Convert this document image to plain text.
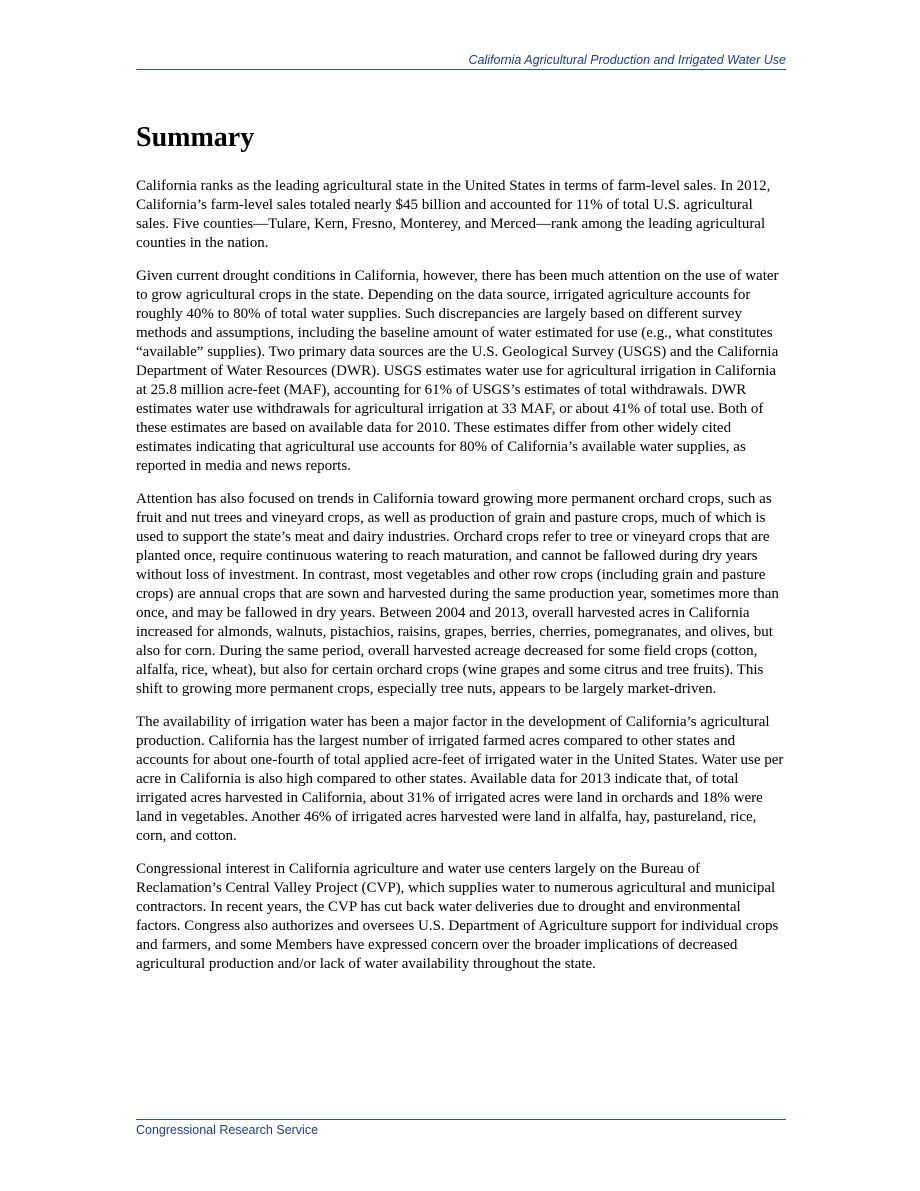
California Agricultural Production and Irrigated Water Use
Summary

California ranks as the leading agricultural state in the United States in terms of farm-level sales. In 2012, California’s farm-level sales totaled nearly $45 billion and accounted for 11% of total U.S. agricultural sales. Five counties—Tulare, Kern, Fresno, Monterey, and Merced—rank among the leading agricultural counties in the nation.

Given current drought conditions in California, however, there has been much attention on the use of water to grow agricultural crops in the state. Depending on the data source, irrigated agriculture accounts for roughly 40% to 80% of total water supplies. Such discrepancies are largely based on different survey methods and assumptions, including the baseline amount of water estimated for use (e.g., what constitutes “available” supplies). Two primary data sources are the U.S. Geological Survey (USGS) and the California Department of Water Resources (DWR). USGS estimates water use for agricultural irrigation in California at 25.8 million acre-feet (MAF), accounting for 61% of USGS’s estimates of total withdrawals. DWR estimates water use withdrawals for agricultural irrigation at 33 MAF, or about 41% of total use. Both of these estimates are based on available data for 2010. These estimates differ from other widely cited estimates indicating that agricultural use accounts for 80% of California’s available water supplies, as reported in media and news reports.

Attention has also focused on trends in California toward growing more permanent orchard crops, such as fruit and nut trees and vineyard crops, as well as production of grain and pasture crops, much of which is used to support the state’s meat and dairy industries. Orchard crops refer to tree or vineyard crops that are planted once, require continuous watering to reach maturation, and cannot be fallowed during dry years without loss of investment. In contrast, most vegetables and other row crops (including grain and pasture crops) are annual crops that are sown and harvested during the same production year, sometimes more than once, and may be fallowed in dry years. Between 2004 and 2013, overall harvested acres in California increased for almonds, walnuts, pistachios, raisins, grapes, berries, cherries, pomegranates, and olives, but also for corn. During the same period, overall harvested acreage decreased for some field crops (cotton, alfalfa, rice, wheat), but also for certain orchard crops (wine grapes and some citrus and tree fruits). This shift to growing more permanent crops, especially tree nuts, appears to be largely market-driven.

The availability of irrigation water has been a major factor in the development of California’s agricultural production. California has the largest number of irrigated farmed acres compared to other states and accounts for about one-fourth of total applied acre-feet of irrigated water in the United States. Water use per acre in California is also high compared to other states. Available data for 2013 indicate that, of total irrigated acres harvested in California, about 31% of irrigated acres were land in orchards and 18% were land in vegetables. Another 46% of irrigated acres harvested were land in alfalfa, hay, pastureland, rice, corn, and cotton.

Congressional interest in California agriculture and water use centers largely on the Bureau of Reclamation’s Central Valley Project (CVP), which supplies water to numerous agricultural and municipal contractors. In recent years, the CVP has cut back water deliveries due to drought and environmental factors. Congress also authorizes and oversees U.S. Department of Agriculture support for individual crops and farmers, and some Members have expressed concern over the broader implications of decreased agricultural production and/or lack of water availability throughout the state.

Congressional Research Service
